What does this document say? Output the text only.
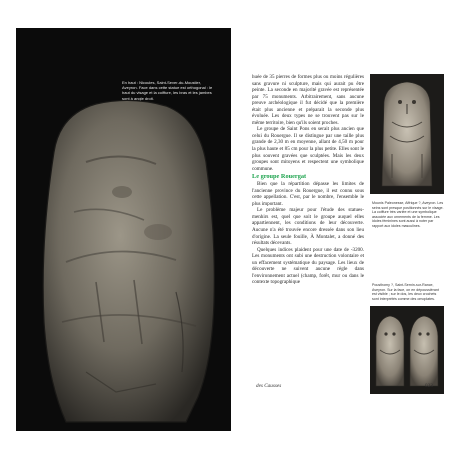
En haut : Nicoules, Saint-Sever-du-Moustier, Aveyron. Face dans cette statue est orthogonal : le haut du visage et la coiffure, les bras et les jambes sont à angle droit.

huée de 35 pierres de formes plus ou moins régulières sans gravure ni sculpture, mais qui aurait pu être peinte. La seconde en majorité gravée est représentée par 75 monuments. Arbitrairement, sans aucune preuve archéologique il fut décidé que la première était plus ancienne et préparait la seconde plus évoluée. Les deux types ne se trouvent pas sur le même territoire, bien qu'ils soient proches.

Le groupe de Saint Pons en serait plus ancien que celui du Rouergue. Il se distingue par une taille plus grande de 2,30 m en moyenne, allant de 4,50 m pour la plus haute et 85 cm pour la plus petite. Elles sont le plus souvent gravées que sculptées. Mais les deux groupes sont mitoyens et respectent une symbolique commune.

Le groupe Rouergat

Bien que la répartition dépasse les limites de l'ancienne province du Rouergue, il est connu sous cette appellation. C'est, par le nombre, l'ensemble le plus important.

Le problème majeur pour l'étude des statues-menhirs est, quel que soit le groupe auquel elles appartiennent, les conditions de leur découverte. Aucune n'a été trouvée encore dressée dans son lieu d'origine. La seule fouille, À Montalet, a donné des résultats décevants.

Quelques indices plaident pour une date de -3200. Les monuments ont subi une destruction volontaire et un effacement systématique du paysage. Les lieux de découverte ne suivent aucune règle dans l'environnement actuel (champ, forêt, mur ou dans le contexte topographique

Mounis Paleonesse, Affrique ?, Aveyron. Les seins sont presque positionnés sur le visage. La coiffure très variée et une symbolique associée aux ornements de la femme. Les idoles féminines sont aussi à noter par rapport aux idoles masculines.
Pousthomy ?, Saint-Sernin-sur-Rance, Aveyron. Sur la face, on en dépoussiérant est visible ; sur le dos, les deux crochets sont interprétés comme des omoplates.
des Causses	023
